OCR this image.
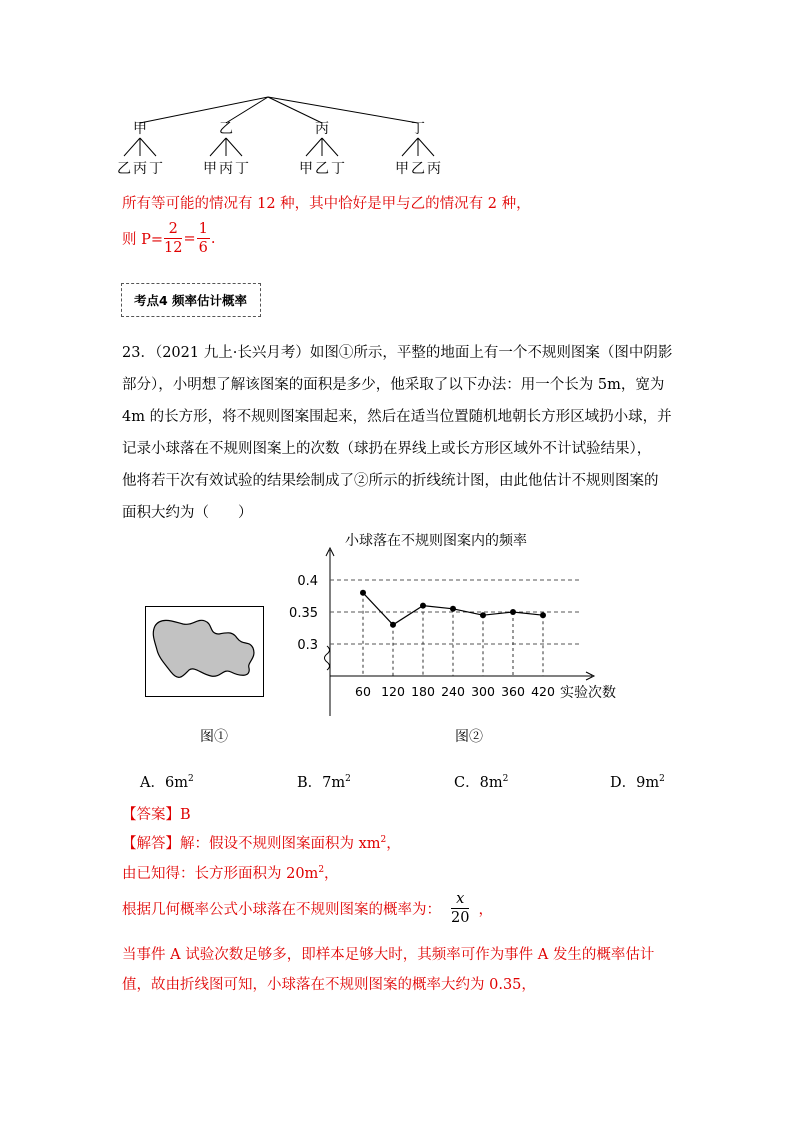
甲	乙	丙	丁
乙 丙 丁	甲 丙 丁	甲 乙 丁	甲 乙 丙
所有等可能的情况有 12 种，其中恰好是甲与乙的情况有 2 种，
则 $P= \frac{2}{12} = \frac{1}{6}$ .
考点4 频率估计概率
23．（2021 九上·长兴月考）如图①所示，平整的地面上有一个不规则图案（图中阴影
部分），小明想了解该图案的面积是多少，他采取了以下办法：用一个长为 5m，宽为
4m 的长方形，将不规则图案围起来，然后在适当位置随机地朝长方形区域扔小球，并
记录小球落在不规则图案上的次数（球扔在界线上或长方形区域外不计试验结果），
他将若干次有效试验的结果绘制成了②所示的折线统计图，由此他估计不规则图案的
面积大约为（　　）
图①
0.4
0.35
0.3
60 120 180 240 300 360 420
小球落在不规则图案内的频率
实验次数
图②
A．$6m^2$	B．$7m^2$	C．$8m^2$	D．$9m^2$
【答案】B
【解答】解：假设不规则图案面积为 $xm^2$，
由已知得：长方形面积为 $20m^2$，
根据几何概率公式小球落在不规则图案的概率为： $\frac{x}{20}$ ，
当事件 A 试验次数足够多，即样本足够大时，其频率可作为事件 A 发生的概率估计
值，故由折线图可知，小球落在不规则图案的概率大约为 0.35，
